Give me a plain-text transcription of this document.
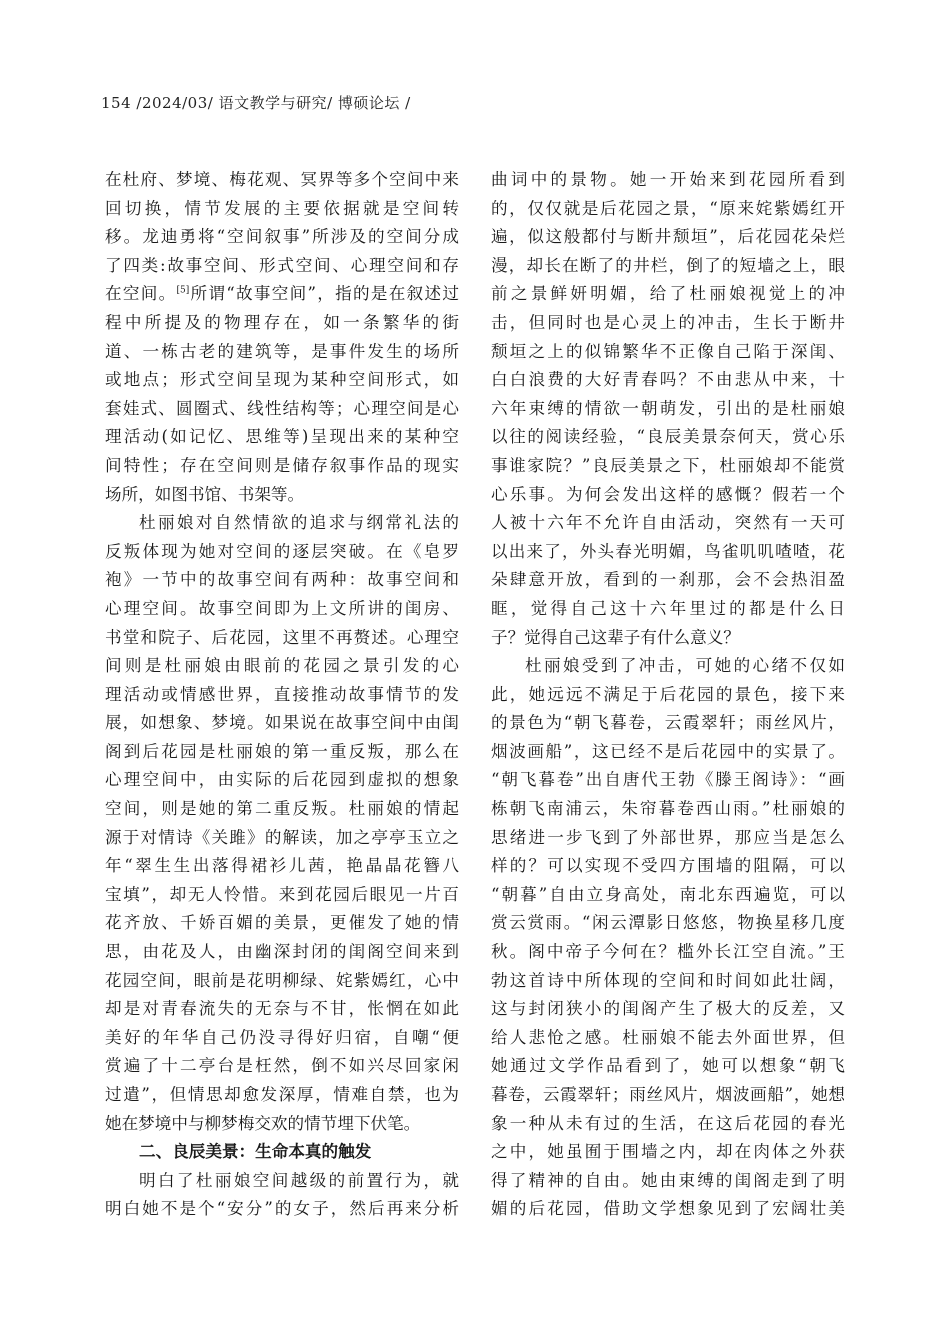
154 /2024/03/ 语文教学与研究/ 博硕论坛 /
在杜府、梦境、梅花观、冥界等多个空间中来
回切换，情节发展的主要依据就是空间转
移。龙迪勇将“空间叙事”所涉及的空间分成
了四类:故事空间、形式空间、心理空间和存
在空间。[5]所谓“故事空间”，指的是在叙述过
程中所提及的物理存在，如一条繁华的街
道、一栋古老的建筑等，是事件发生的场所
或地点；形式空间呈现为某种空间形式，如
套娃式、圆圈式、线性结构等；心理空间是心
理活动(如记忆、思维等)呈现出来的某种空
间特性；存在空间则是储存叙事作品的现实
场所，如图书馆、书架等。
杜丽娘对自然情欲的追求与纲常礼法的
反叛体现为她对空间的逐层突破。在《皂罗
袍》一节中的故事空间有两种：故事空间和
心理空间。故事空间即为上文所讲的闺房、
书堂和院子、后花园，这里不再赘述。心理空
间则是杜丽娘由眼前的花园之景引发的心
理活动或情感世界，直接推动故事情节的发
展，如想象、梦境。如果说在故事空间中由闺
阁到后花园是杜丽娘的第一重反叛，那么在
心理空间中，由实际的后花园到虚拟的想象
空间，则是她的第二重反叛。杜丽娘的情起
源于对情诗《关雎》的解读，加之亭亭玉立之
年“翠生生出落得裙衫儿茜，艳晶晶花簪八
宝填”，却无人怜惜。来到花园后眼见一片百
花齐放、千娇百媚的美景，更催发了她的情
思，由花及人，由幽深封闭的闺阁空间来到
花园空间，眼前是花明柳绿、姹紫嫣红，心中
却是对青春流失的无奈与不甘，怅惘在如此
美好的年华自己仍没寻得好归宿，自嘲“便
赏遍了十二亭台是枉然，倒不如兴尽回家闲
过遣”，但情思却愈发深厚，情难自禁，也为
她在梦境中与柳梦梅交欢的情节埋下伏笔。
二、良辰美景：生命本真的触发
明白了杜丽娘空间越级的前置行为，就
明白她不是个“安分”的女子，然后再来分析
曲词中的景物。她一开始来到花园所看到
的，仅仅就是后花园之景，“原来姹紫嫣红开
遍，似这般都付与断井颓垣”，后花园花朵烂
漫，却长在断了的井栏，倒了的短墙之上，眼
前之景鲜妍明媚，给了杜丽娘视觉上的冲
击，但同时也是心灵上的冲击，生长于断井
颓垣之上的似锦繁华不正像自己陷于深闺、
白白浪费的大好青春吗？不由悲从中来，十
六年束缚的情欲一朝萌发，引出的是杜丽娘
以往的阅读经验，“良辰美景奈何天，赏心乐
事谁家院？”良辰美景之下，杜丽娘却不能赏
心乐事。为何会发出这样的感慨？假若一个
人被十六年不允许自由活动，突然有一天可
以出来了，外头春光明媚，鸟雀叽叽喳喳，花
朵肆意开放，看到的一刹那，会不会热泪盈
眶，觉得自己这十六年里过的都是什么日
子？觉得自己这辈子有什么意义？
杜丽娘受到了冲击，可她的心绪不仅如
此，她远远不满足于后花园的景色，接下来
的景色为“朝飞暮卷，云霞翠轩；雨丝风片，
烟波画船”，这已经不是后花园中的实景了。
“朝飞暮卷”出自唐代王勃《滕王阁诗》：“画
栋朝飞南浦云，朱帘暮卷西山雨。”杜丽娘的
思绪进一步飞到了外部世界，那应当是怎么
样的？可以实现不受四方围墙的阻隔，可以
“朝暮”自由立身高处，南北东西遍览，可以
赏云赏雨。“闲云潭影日悠悠，物换星移几度
秋。阁中帝子今何在？槛外长江空自流。”王
勃这首诗中所体现的空间和时间如此壮阔，
这与封闭狭小的闺阁产生了极大的反差，又
给人悲怆之感。杜丽娘不能去外面世界，但
她通过文学作品看到了，她可以想象“朝飞
暮卷，云霞翠轩；雨丝风片，烟波画船”，她想
象一种从未有过的生活，在这后花园的春光
之中，她虽囿于围墙之内，却在肉体之外获
得了精神的自由。她由束缚的闺阁走到了明
媚的后花园，借助文学想象见到了宏阔壮美
